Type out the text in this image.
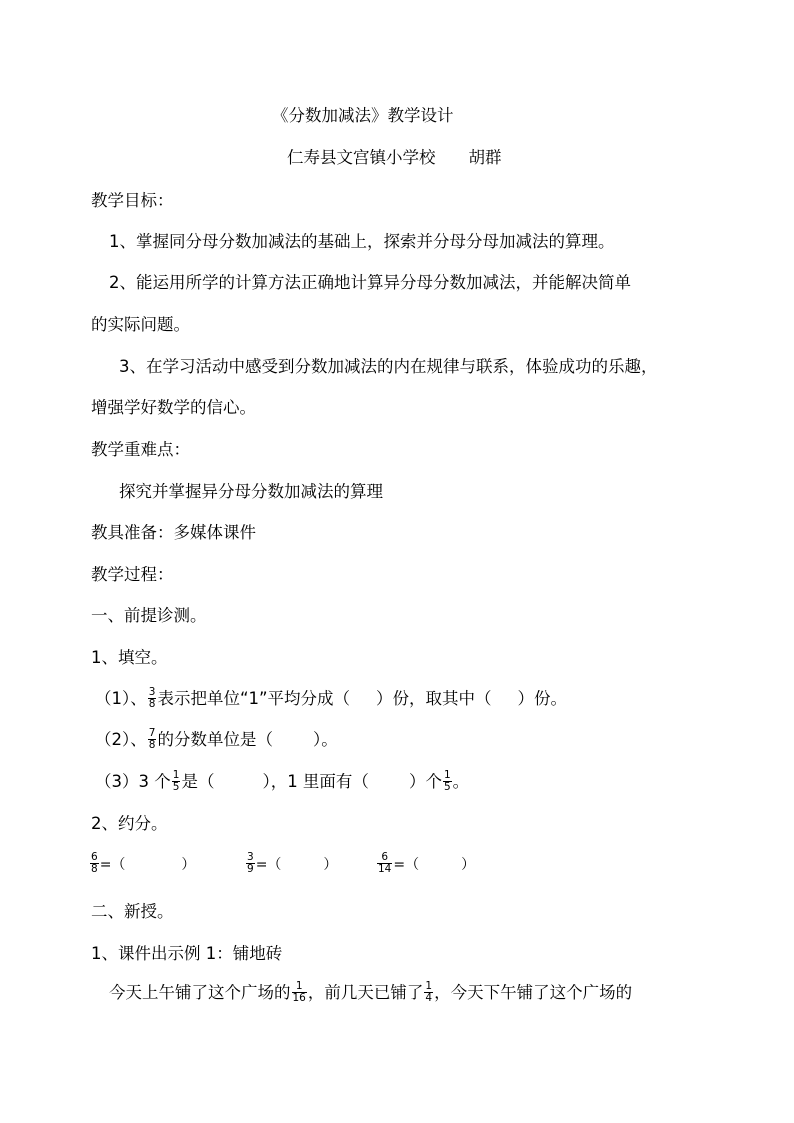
《分数加减法》教学设计
仁寿县文宫镇小学校　　胡群
教学目标：
1、掌握同分母分数加减法的基础上，探索并分母分母加减法的算理。
2、能运用所学的计算方法正确地计算异分母分数加减法，并能解决简单
的实际问题。
3、在学习活动中感受到分数加减法的内在规律与联系，体验成功的乐趣，
增强学好数学的信心。
教学重难点：
探究并掌握异分母分数加减法的算理
教具准备：多媒体课件
教学过程：
一、前提诊测。
1、填空。
（1）、 $\frac{3}{8}$ 表示把单位“1”平均分成（ ）份，取其中（ ）份。
（2）、 $\frac{7}{8}$ 的分数单位是（ ）。
（3）3 个 $\frac{1}{5}$ 是（	），1 里面有（ ）个 $\frac{1}{5}$ 。
2、约分。
$\frac{6}{8}$ =（　　　　）	$\frac{3}{9}$ =（　　　）	$\frac{6}{14}$ =（　　　）
二、新授。
1、课件出示例 1：铺地砖
今天上午铺了这个广场的 $\frac{1}{16}$ ，前几天已铺了 $\frac{1}{4}$ ，今天下午铺了这个广场的
